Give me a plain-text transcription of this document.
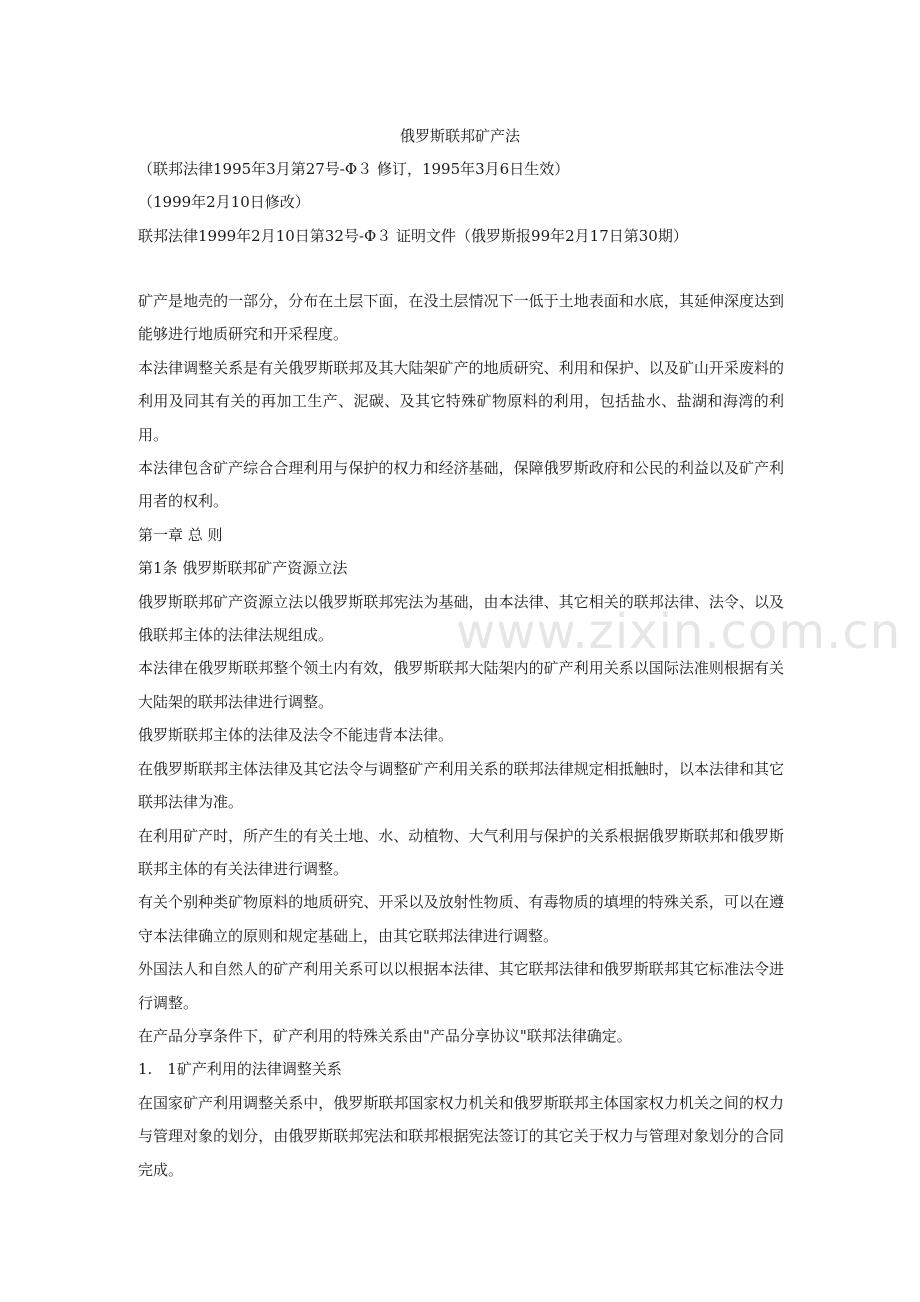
www.zixin.com.cn
俄罗斯联邦矿产法
（联邦法律1995年3月第27号-Φ３ 修订，1995年3月6日生效）
（1999年2月10日修改）
联邦法律1999年2月10日第32号-Φ３ 证明文件（俄罗斯报99年2月17日第30期）

矿产是地壳的一部分，分布在土层下面，在没土层情况下一低于土地表面和水底，其延伸深度达到能够进行地质研究和开采程度。

本法律调整关系是有关俄罗斯联邦及其大陆架矿产的地质研究、利用和保护、以及矿山开采废料的利用及同其有关的再加工生产、泥碳、及其它特殊矿物原料的利用，包括盐水、盐湖和海湾的利用。

本法律包含矿产综合合理利用与保护的权力和经济基础，保障俄罗斯政府和公民的利益以及矿产利用者的权利。

第一章 总 则

第1条 俄罗斯联邦矿产资源立法

俄罗斯联邦矿产资源立法以俄罗斯联邦宪法为基础，由本法律、其它相关的联邦法律、法令、以及俄联邦主体的法律法规组成。

本法律在俄罗斯联邦整个领土内有效，俄罗斯联邦大陆架内的矿产利用关系以国际法准则根据有关大陆架的联邦法律进行调整。

俄罗斯联邦主体的法律及法令不能违背本法律。

在俄罗斯联邦主体法律及其它法令与调整矿产利用关系的联邦法律规定相抵触时，以本法律和其它联邦法律为准。

在利用矿产时，所产生的有关土地、水、动植物、大气利用与保护的关系根据俄罗斯联邦和俄罗斯联邦主体的有关法律进行调整。

有关个别种类矿物原料的地质研究、开采以及放射性物质、有毒物质的填埋的特殊关系，可以在遵守本法律确立的原则和规定基础上，由其它联邦法律进行调整。

外国法人和自然人的矿产利用关系可以以根据本法律、其它联邦法律和俄罗斯联邦其它标准法令进行调整。

在产品分享条件下，矿产利用的特殊关系由"产品分享协议"联邦法律确定。

1.　1矿产利用的法律调整关系

在国家矿产利用调整关系中，俄罗斯联邦国家权力机关和俄罗斯联邦主体国家权力机关之间的权力与管理对象的划分，由俄罗斯联邦宪法和联邦根据宪法签订的其它关于权力与管理对象划分的合同完成。
